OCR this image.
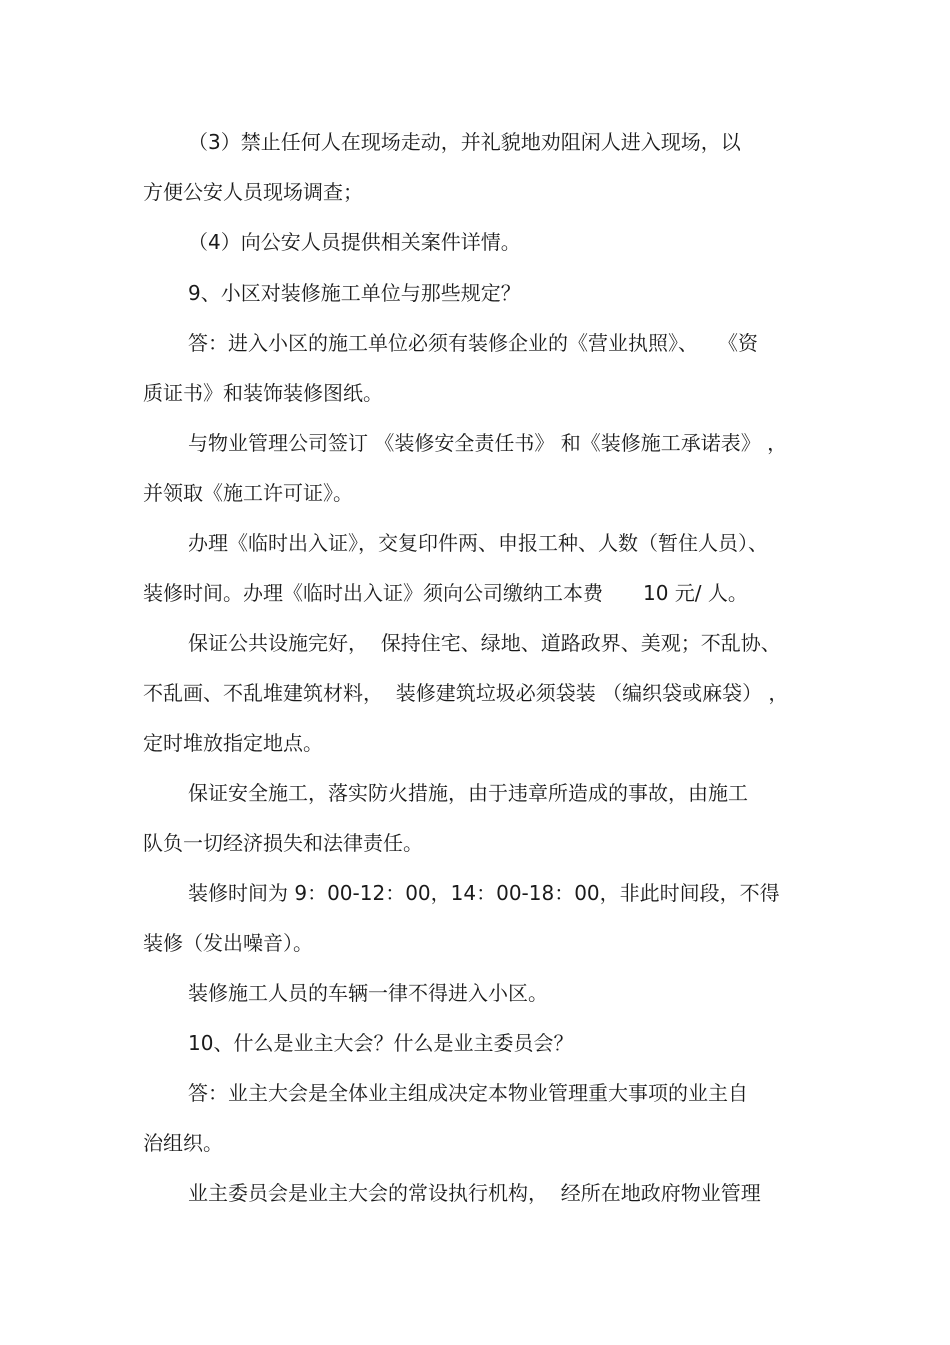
（3）禁止任何人在现场走动，并礼貌地劝阻闲人进入现场，以
方便公安人员现场调查；
（4）向公安人员提供相关案件详情。
9、小区对装修施工单位与那些规定？
答：进入小区的施工单位必须有装修企业的《营业执照》、　　《资
质证书》和装饰装修图纸。
与物业管理公司签订 《装修安全责任书》 和《装修施工承诺表》 ，
并领取《施工许可证》。
办理《临时出入证》，交复印件两、申报工种、人数（暂住人员）、
装修时间。办理《临时出入证》须向公司缴纳工本费　　10 元/ 人。
保证公共设施完好，  保持住宅、绿地、道路政界、美观；不乱协、
不乱画、不乱堆建筑材料，  装修建筑垃圾必须袋装 （编织袋或麻袋） ，
定时堆放指定地点。
保证安全施工，落实防火措施，由于违章所造成的事故，由施工
队负一切经济损失和法律责任。
装修时间为 9：00-12：00，14：00-18：00，非此时间段，不得
装修（发出噪音）。
装修施工人员的车辆一律不得进入小区。
10、什么是业主大会？什么是业主委员会？
答：业主大会是全体业主组成决定本物业管理重大事项的业主自
治组织。
业主委员会是业主大会的常设执行机构，  经所在地政府物业管理
